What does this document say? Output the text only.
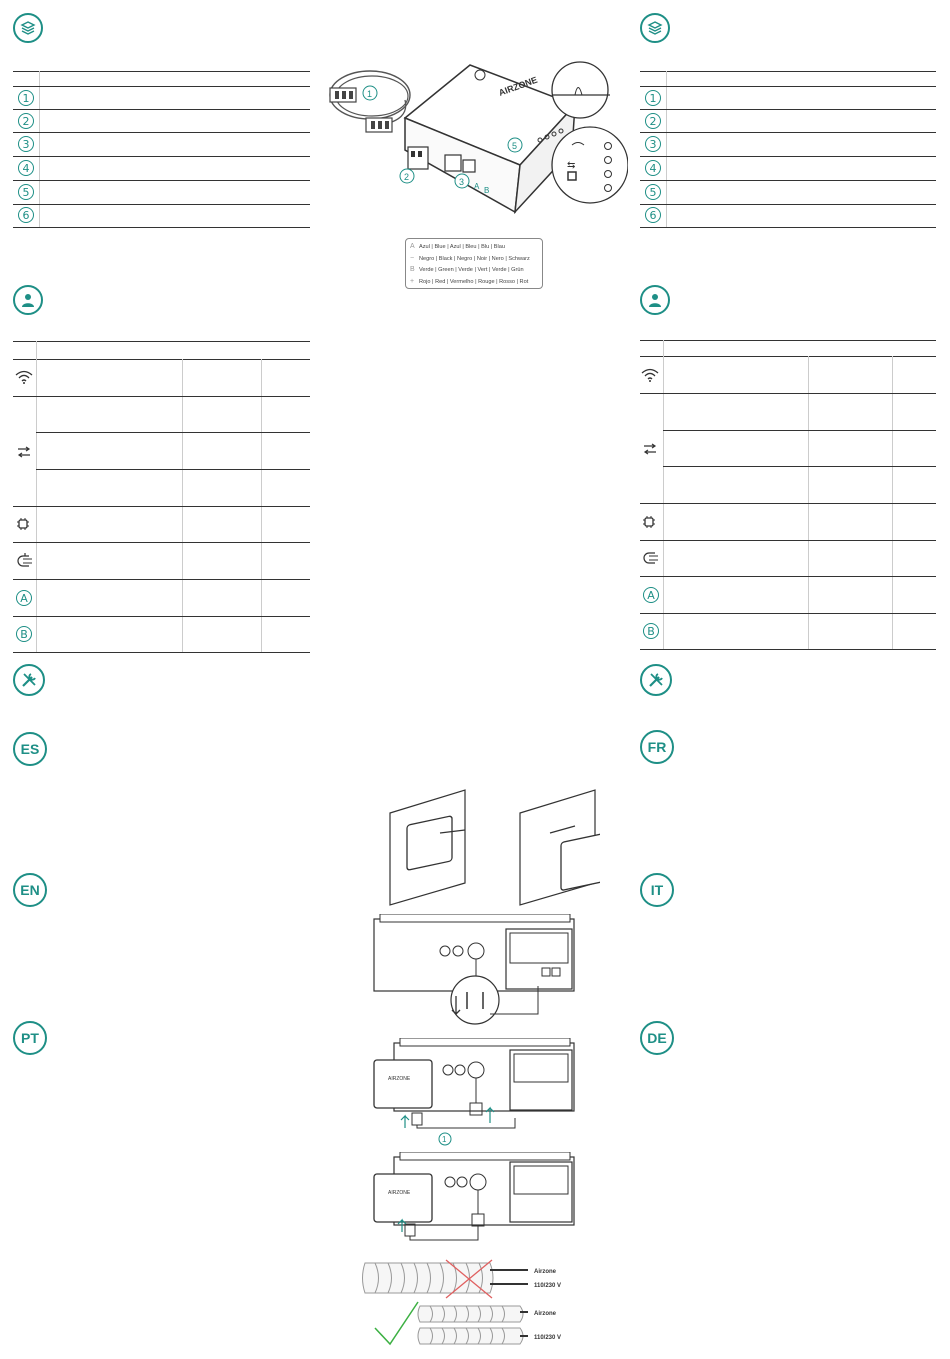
1
2
3
4
5
6
A
B
ES
EN
PT
1
2
3
4
5
6
A
B
FR
IT
DE
AIRZONE
1
2	3
5
A B
⇆
A Azul | Blue | Azul | Bleu | Blu | Blau
− Negro | Black | Negro | Noir | Nero | Schwarz
B Verde | Green | Verde | Vert | Verde | Grün
+ Rojo | Red | Vermelho | Rouge | Rosso | Rot
AIRZONE
1
AIRZONE
Airzone
110/230 V
Airzone
110/230 V
